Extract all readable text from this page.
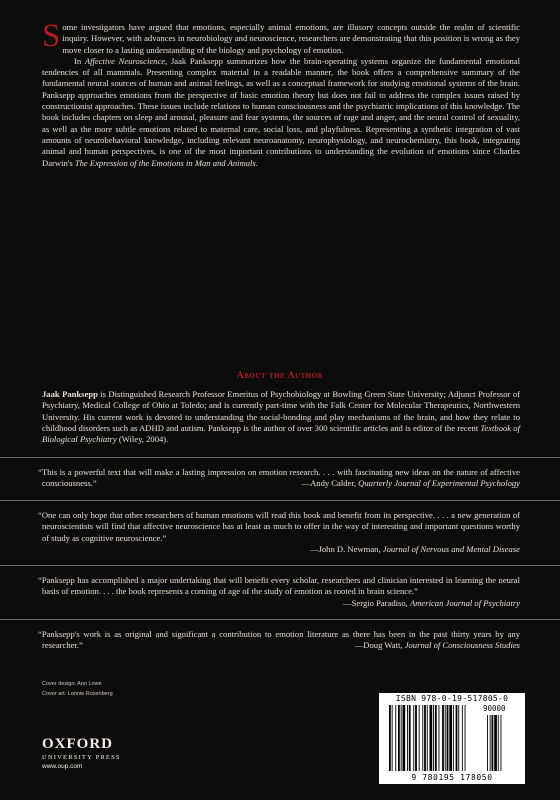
Some investigators have argued that emotions, especially animal emotions, are illusory concepts outside the realm of scientific inquiry. However, with advances in neurobiology and neuroscience, researchers are demonstrating that this position is wrong as they move closer to a lasting understanding of the biology and psychology of emotion.

In Affective Neuroscience, Jaak Panksepp summarizes how the brain-operating systems organize the fundamental emotional tendencies of all mammals. Presenting complex material in a readable manner, the book offers a comprehensive summary of the fundamental neural sources of human and animal feelings, as well as a conceptual framework for studying emotional systems of the brain. Panksepp approaches emotions from the perspective of basic emotion theory but does not fail to address the complex issues raised by constructionist approaches. These issues include relations to human consciousness and the psychiatric implications of this knowledge. The book includes chapters on sleep and arousal, pleasure and fear systems, the sources of rage and anger, and the neural control of sexuality, as well as the more subtle emotions related to maternal care, social loss, and playfulness. Representing a synthetic integration of vast amounts of neurobehavioral knowledge, including relevant neuroanatomy, neurophysiology, and neurochemistry, this book, integrating animal and human perspectives, is one of the most important contributions to understanding the evolution of emotions since Charles Darwin's The Expression of the Emotions in Man and Animals.

About the Author

Jaak Panksepp is Distinguished Research Professor Emeritus of Psychobiology at Bowling Green State University; Adjunct Professor of Psychiatry, Medical College of Ohio at Toledo; and is currently part-time with the Falk Center for Molecular Therapeutics, Northwestern University. His current work is devoted to understanding the social-bonding and play mechanisms of the brain, and how they relate to childhood disorders such as ADHD and autism. Panksepp is the author of over 300 scientific articles and is editor of the recent Textbook of Biological Psychiatry (Wiley, 2004).

“This is a powerful text that will make a lasting impression on emotion research. . . . with fascinating new ideas on the nature of affective consciousness.”	—Andy Calder, Quarterly Journal of Experimental Psychology

“One can only hope that other researchers of human emotions will read this book and benefit from its perspective. . . . a new generation of neuroscientists will find that affective neuroscience has at least as much to offer in the way of interesting and important questions worthy of study as cognitive neuroscience.”
—John D. Newman, Journal of Nervous and Mental Disease

“Panksepp has accomplished a major undertaking that will benefit every scholar, researchers and clinician interested in learning the neural basis of emotion. . . . the book represents a coming of age of the study of emotion as rooted in brain science.”
—Sergio Paradiso, American Journal of Psychiatry

“Panksepp's work is as original and significant a contribution to emotion literature as there has been in the past thirty years by any researcher.”	—Doug Watt, Journal of Consciousness Studies

Cover design: Ann Lowe

Cover art: Lonnie Rosenberg

OXFORD
UNIVERSITY PRESS
www.oup.com
ISBN 978-0-19-517805-0
90000
9 780195 178050
